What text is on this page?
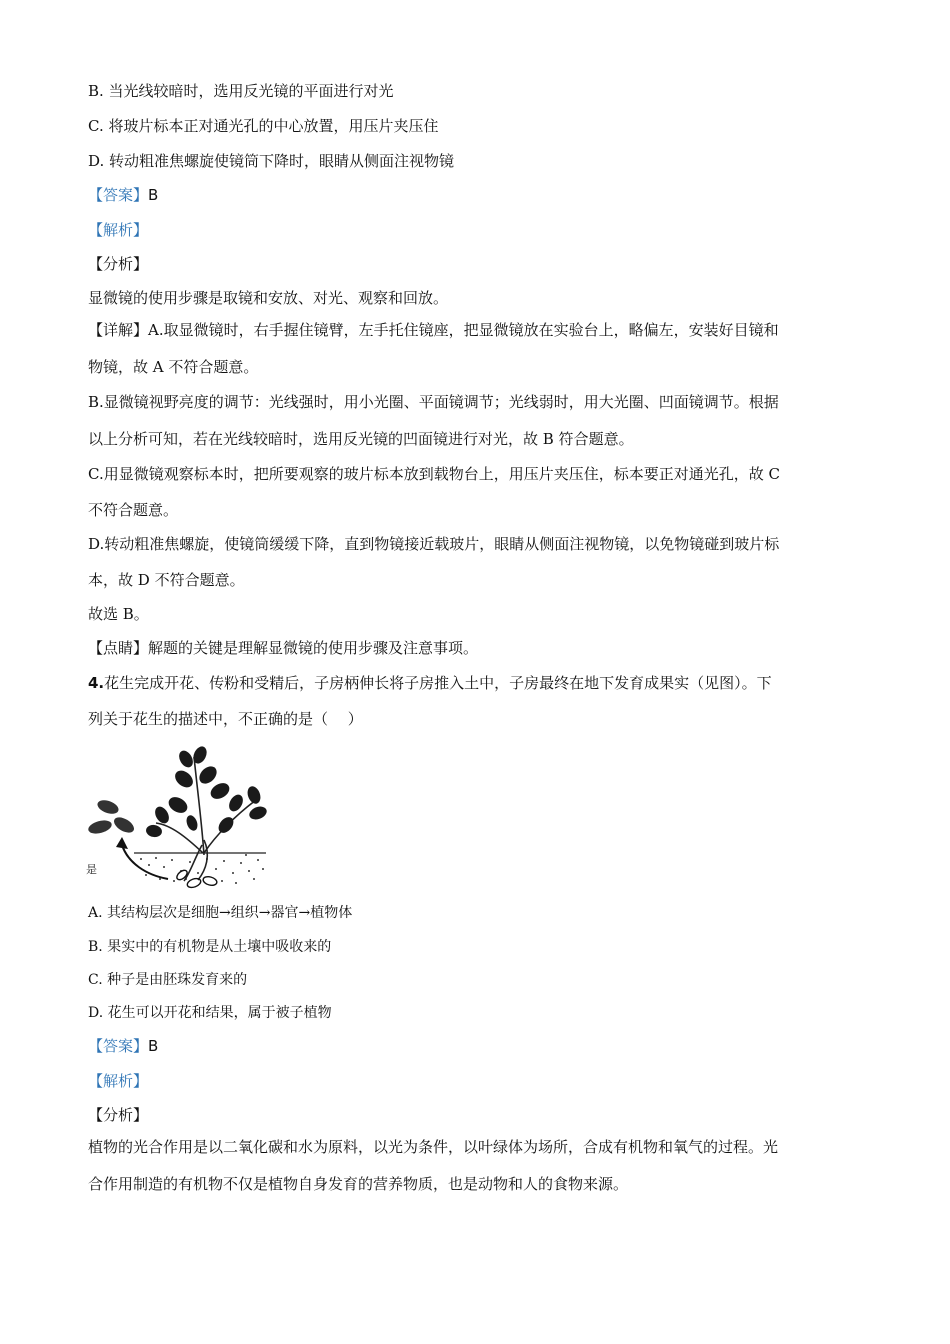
B. 当光线较暗时，选用反光镜的平面进行对光
C. 将玻片标本正对通光孔的中心放置，用压片夹压住
D. 转动粗准焦螺旋使镜筒下降时，眼睛从侧面注视物镜
【答案】B
【解析】
【分析】
显微镜的使用步骤是取镜和安放、对光、观察和回放。
【详解】A.取显微镜时，右手握住镜臂，左手托住镜座，把显微镜放在实验台上，略偏左，安装好目镜和
物镜，故 A 不符合题意。
B.显微镜视野亮度的调节：光线强时，用小光圈、平面镜调节；光线弱时，用大光圈、凹面镜调节。根据
以上分析可知，若在光线较暗时，选用反光镜的凹面镜进行对光，故 B 符合题意。
C.用显微镜观察标本时，把所要观察的玻片标本放到载物台上，用压片夹压住，标本要正对通光孔，故 C
不符合题意。
D.转动粗准焦螺旋，使镜筒缓缓下降，直到物镜接近载玻片，眼睛从侧面注视物镜，以免物镜碰到玻片标
本，故 D 不符合题意。
故选 B。
【点睛】解题的关键是理解显微镜的使用步骤及注意事项。
4.花生完成开花、传粉和受精后，子房柄伸长将子房推入土中，子房最终在地下发育成果实（见图）。下
列关于花生的描述中，不正确的是（　 ）
是
A. 其结构层次是细胞→组织→器官→植物体
B. 果实中的有机物是从土壤中吸收来的
C. 种子是由胚珠发育来的
D. 花生可以开花和结果，属于被子植物
【答案】B
【解析】
【分析】
植物的光合作用是以二氧化碳和水为原料，以光为条件，以叶绿体为场所，合成有机物和氧气的过程。光
合作用制造的有机物不仅是植物自身发育的营养物质，也是动物和人的食物来源。
